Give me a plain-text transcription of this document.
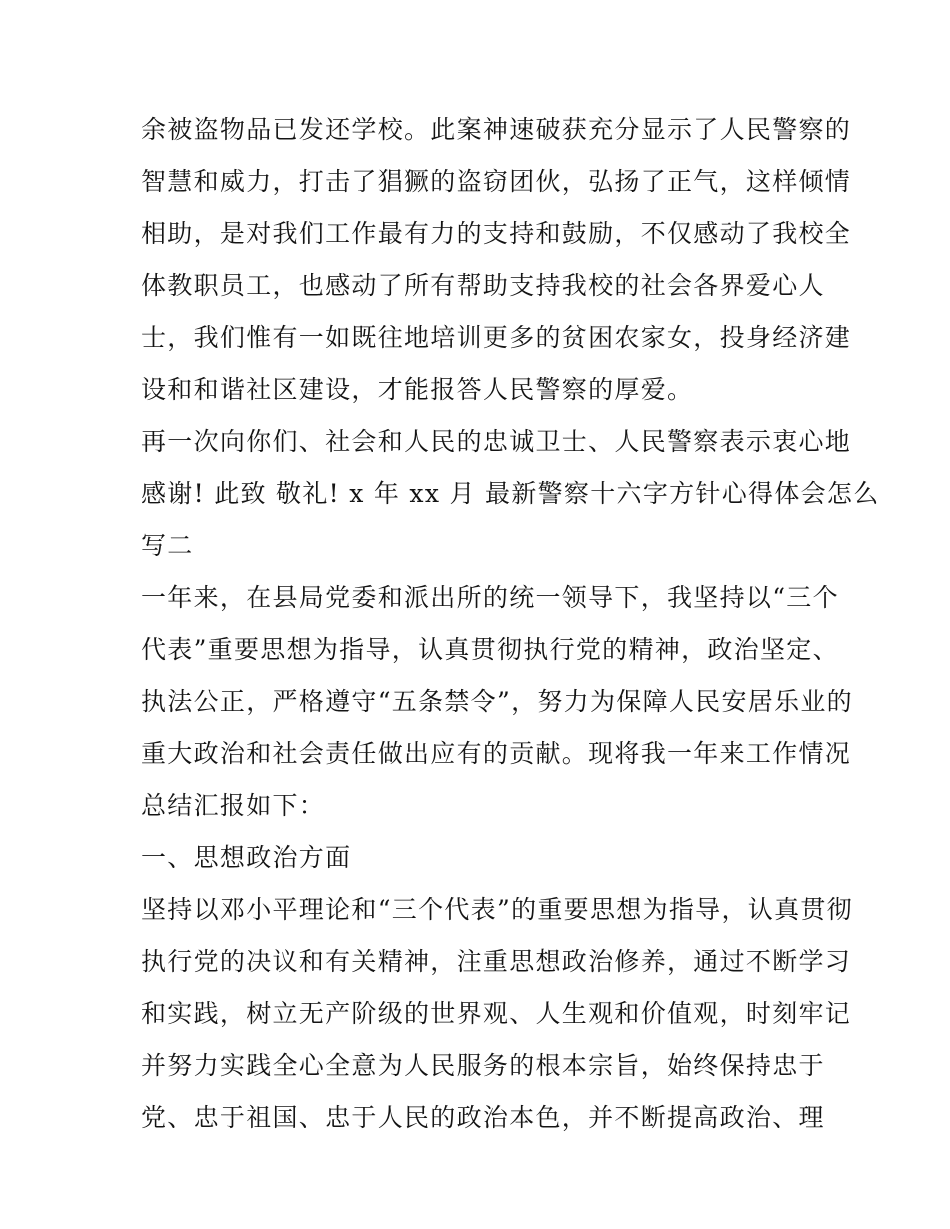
余被盗物品已发还学校。此案神速破获充分显示了人民警察的
智慧和威力，打击了猖獗的盗窃团伙，弘扬了正气，这样倾情
相助，是对我们工作最有力的支持和鼓励，不仅感动了我校全
体教职员工，也感动了所有帮助支持我校的社会各界爱心人
士，我们惟有一如既往地培训更多的贫困农家女，投身经济建
设和和谐社区建设，才能报答人民警察的厚爱。
再一次向你们、社会和人民的忠诚卫士、人民警察表示衷心地
感谢! 此致 敬礼! x 年 xx 月 最新警察十六字方针心得体会怎么
写二
一年来，在县局党委和派出所的统一领导下，我坚持以“三个
代表”重要思想为指导，认真贯彻执行党的精神，政治坚定、
执法公正，严格遵守“五条禁令”，努力为保障人民安居乐业的
重大政治和社会责任做出应有的贡献。现将我一年来工作情况
总结汇报如下：
一、思想政治方面
坚持以邓小平理论和“三个代表”的重要思想为指导，认真贯彻
执行党的决议和有关精神，注重思想政治修养，通过不断学习
和实践，树立无产阶级的世界观、人生观和价值观，时刻牢记
并努力实践全心全意为人民服务的根本宗旨，始终保持忠于
党、忠于祖国、忠于人民的政治本色，并不断提高政治、理
